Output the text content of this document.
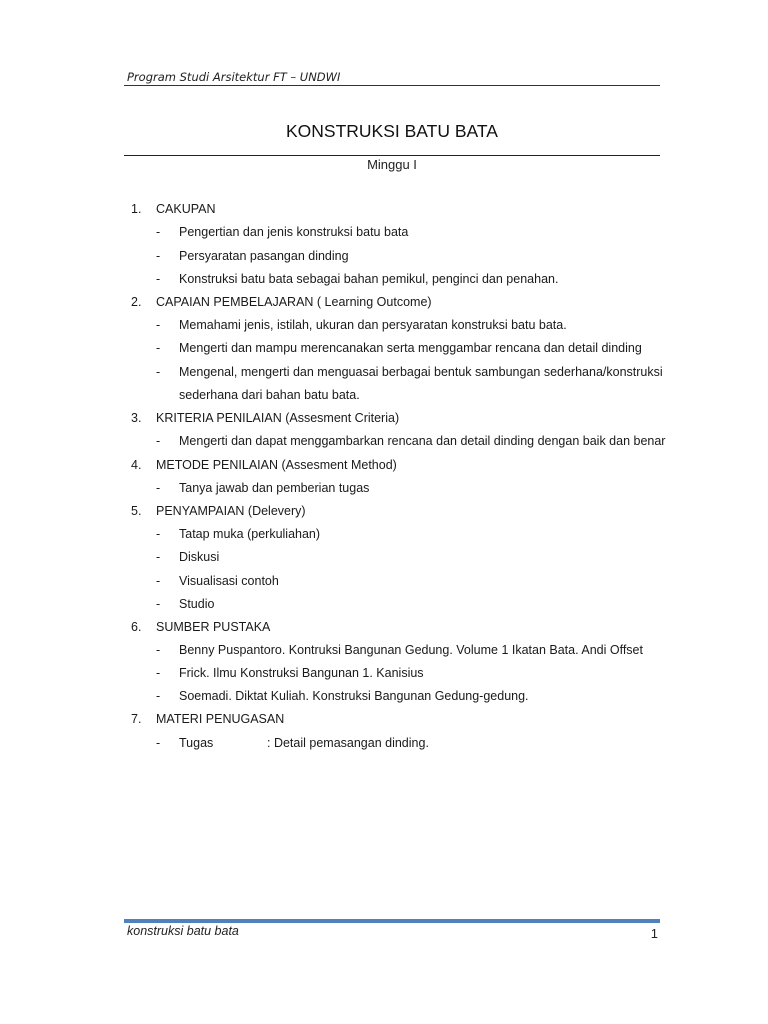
Program Studi Arsitektur FT – UNDWI
KONSTRUKSI BATU BATA
Minggu I
1. CAKUPAN
- Pengertian dan jenis konstruksi batu bata
- Persyaratan pasangan dinding
- Konstruksi batu bata sebagai bahan pemikul, penginci dan penahan.
2. CAPAIAN PEMBELAJARAN ( Learning Outcome)
- Memahami jenis, istilah, ukuran dan persyaratan konstruksi batu bata.
- Mengerti dan mampu merencanakan serta menggambar rencana dan detail dinding
- Mengenal, mengerti dan menguasai berbagai bentuk sambungan sederhana/konstruksi
sederhana dari bahan batu bata.
3. KRITERIA PENILAIAN (Assesment Criteria)
- Mengerti dan dapat menggambarkan rencana dan detail dinding dengan baik dan benar
4. METODE PENILAIAN (Assesment Method)
- Tanya jawab dan pemberian tugas
5. PENYAMPAIAN (Delevery)
- Tatap muka (perkuliahan)
- Diskusi
- Visualisasi contoh
- Studio
6. SUMBER PUSTAKA
- Benny Puspantoro. Kontruksi Bangunan Gedung. Volume 1 Ikatan Bata. Andi Offset
- Frick. Ilmu Konstruksi Bangunan 1. Kanisius
- Soemadi. Diktat Kuliah. Konstruksi Bangunan Gedung-gedung.
7. MATERI PENUGASAN
- Tugas	: Detail pemasangan dinding.
konstruksi batu bata	1
